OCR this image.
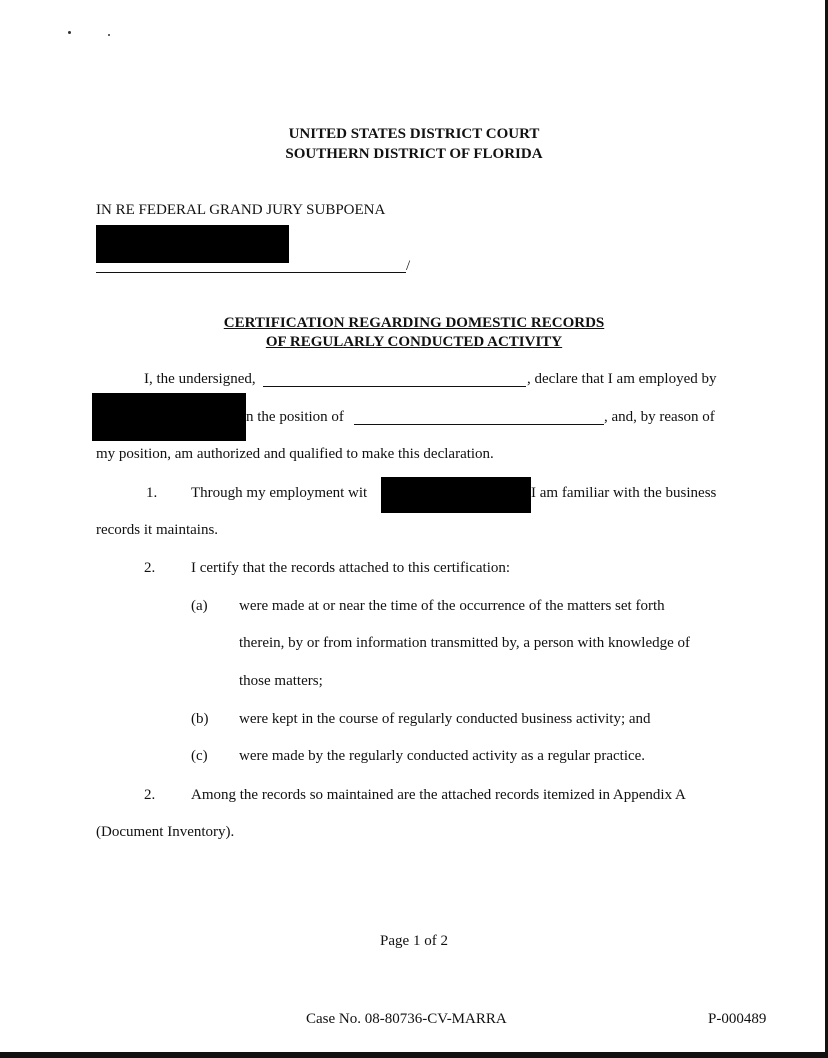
UNITED STATES DISTRICT COURT
SOUTHERN DISTRICT OF FLORIDA
IN RE FEDERAL GRAND JURY SUBPOENA
/
CERTIFICATION REGARDING DOMESTIC RECORDS
OF REGULARLY CONDUCTED ACTIVITY
I, the undersigned,	, declare that I am employed by
n the position of	, and, by reason of
my position, am authorized and qualified to make this declaration.
1. Through my employment wit	I am familiar with the business
records it maintains.
2. I certify that the records attached to this certification:
(a) were made at or near the time of the occurrence of the matters set forth
therein, by or from information transmitted by, a person with knowledge of
those matters;
(b) were kept in the course of regularly conducted business activity; and
(c) were made by the regularly conducted activity as a regular practice.
2. Among the records so maintained are the attached records itemized in Appendix A
(Document Inventory).
Page 1 of 2
Case No. 08-80736-CV-MARRA	P-000489
